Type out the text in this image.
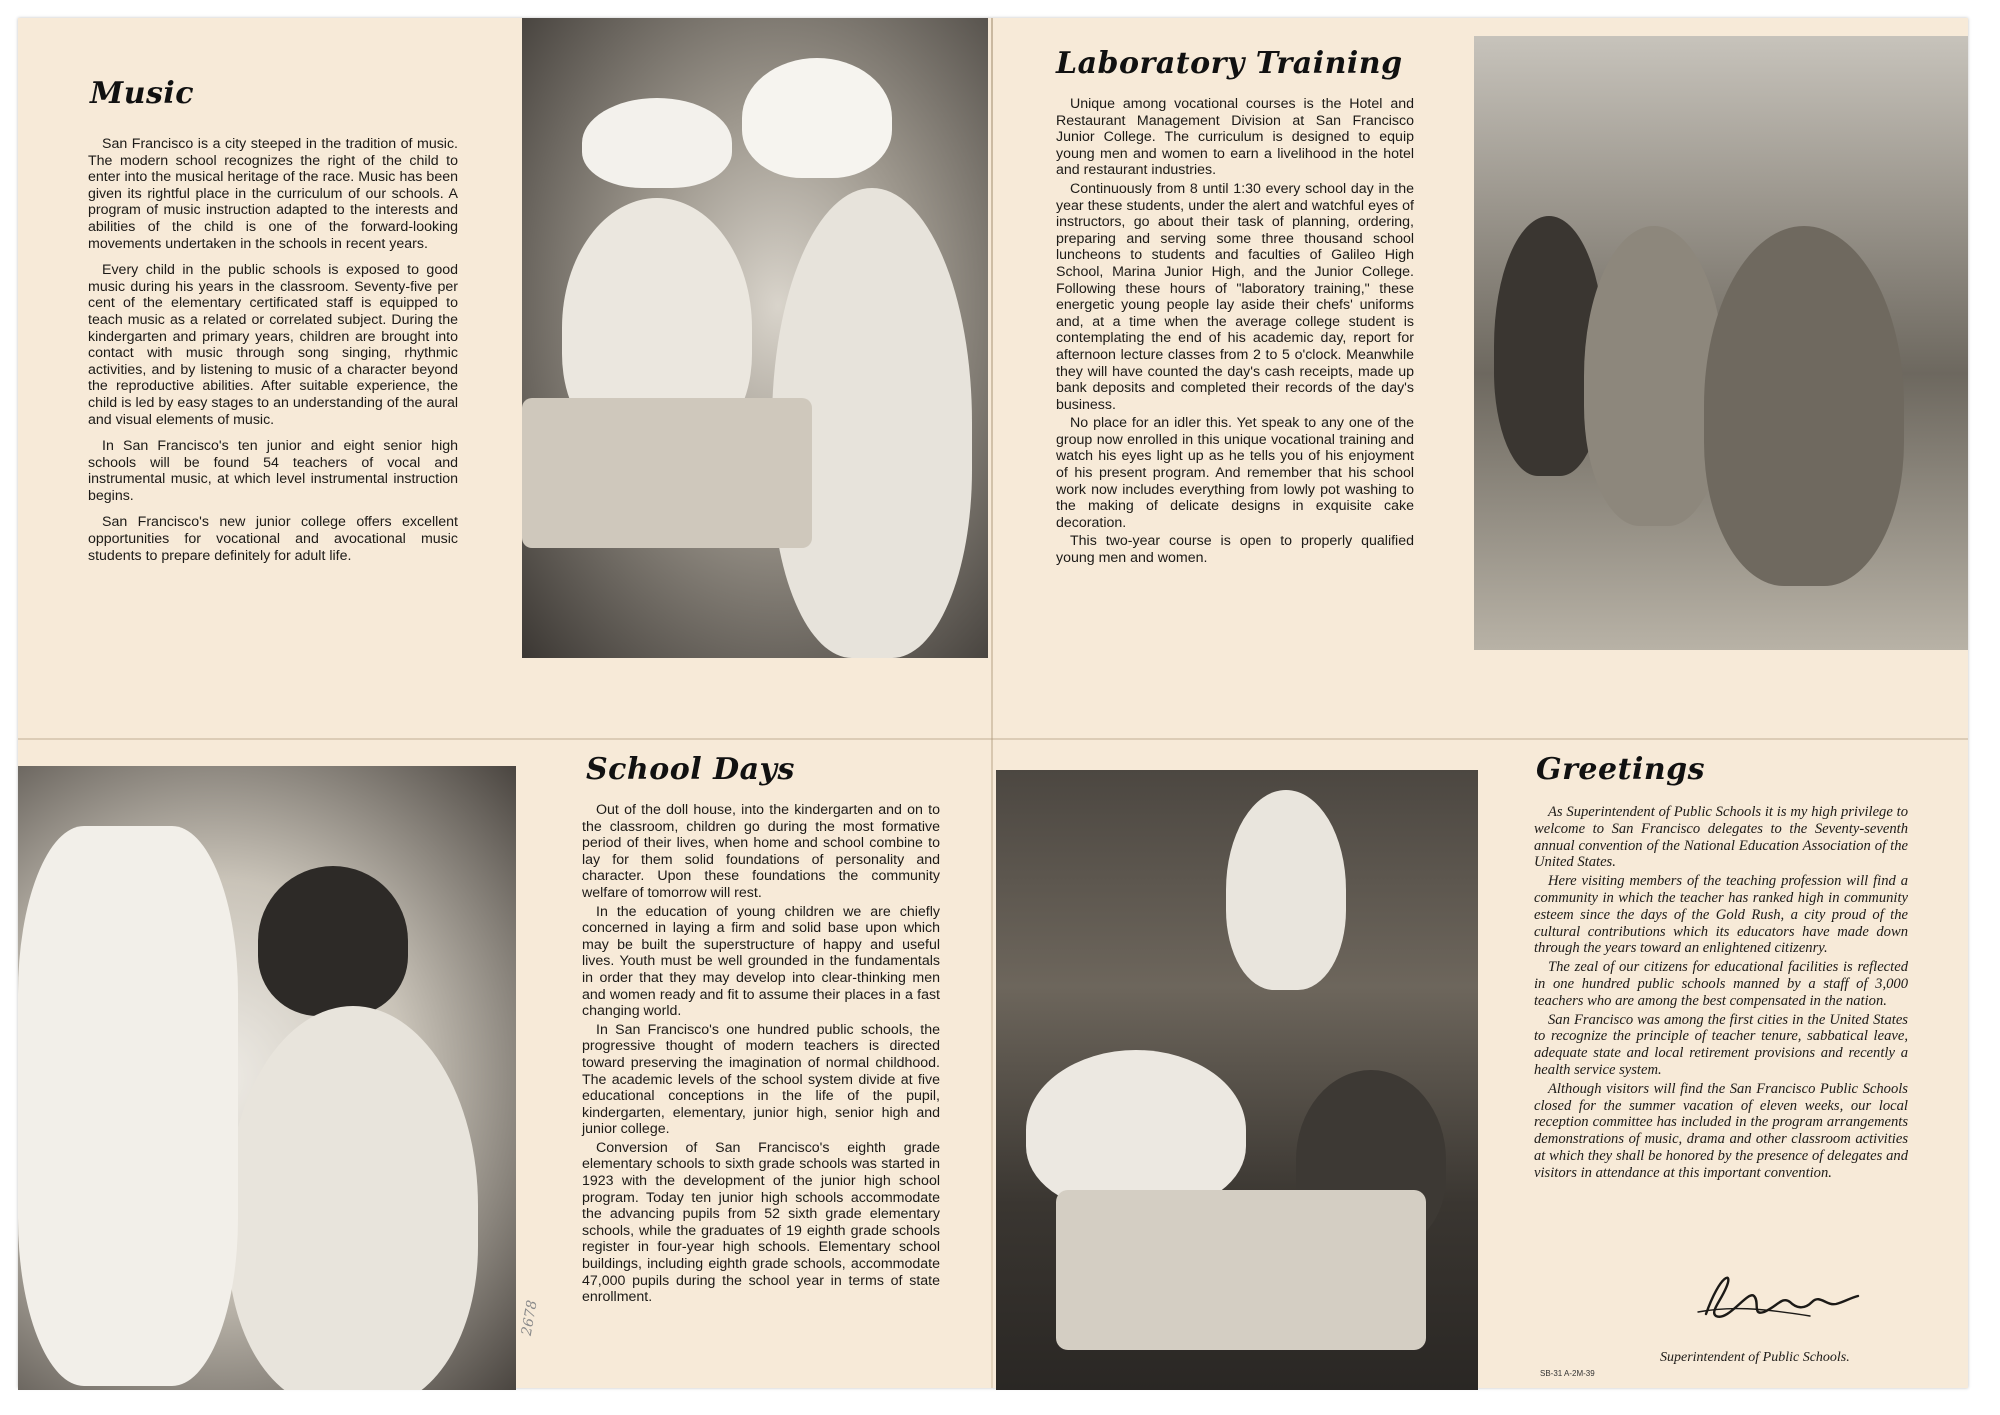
Music

San Francisco is a city steeped in the tradition of music. The modern school recognizes the right of the child to enter into the musical heritage of the race. Music has been given its rightful place in the curriculum of our schools. A program of music instruction adapted to the interests and abilities of the child is one of the forward-looking movements undertaken in the schools in recent years.

Every child in the public schools is exposed to good music during his years in the classroom. Seventy-five per cent of the elementary certificated staff is equipped to teach music as a related or correlated subject. During the kindergarten and primary years, children are brought into contact with music through song singing, rhythmic activities, and by listening to music of a character beyond the reproductive abilities. After suitable experience, the child is led by easy stages to an understanding of the aural and visual elements of music.

In San Francisco's ten junior and eight senior high schools will be found 54 teachers of vocal and instrumental music, at which level instrumental instruction begins.

San Francisco's new junior college offers excellent opportunities for vocational and avocational music students to prepare definitely for adult life.

Laboratory Training

Unique among vocational courses is the Hotel and Restaurant Management Division at San Francisco Junior College. The curriculum is designed to equip young men and women to earn a livelihood in the hotel and restaurant industries.

Continuously from 8 until 1:30 every school day in the year these students, under the alert and watchful eyes of instructors, go about their task of planning, ordering, preparing and serving some three thousand school luncheons to students and faculties of Galileo High School, Marina Junior High, and the Junior College. Following these hours of "laboratory training," these energetic young people lay aside their chefs' uniforms and, at a time when the average college student is contemplating the end of his academic day, report for afternoon lecture classes from 2 to 5 o'clock. Meanwhile they will have counted the day's cash receipts, made up bank deposits and completed their records of the day's business.

No place for an idler this. Yet speak to any one of the group now enrolled in this unique vocational training and watch his eyes light up as he tells you of his enjoyment of his present program. And remember that his school work now includes everything from lowly pot washing to the making of delicate designs in exquisite cake decoration.

This two-year course is open to properly qualified young men and women.

School Days

Out of the doll house, into the kindergarten and on to the classroom, children go during the most formative period of their lives, when home and school combine to lay for them solid foundations of personality and character. Upon these foundations the community welfare of tomorrow will rest.

In the education of young children we are chiefly concerned in laying a firm and solid base upon which may be built the superstructure of happy and useful lives. Youth must be well grounded in the fundamentals in order that they may develop into clear-thinking men and women ready and fit to assume their places in a fast changing world.

In San Francisco's one hundred public schools, the progressive thought of modern teachers is directed toward preserving the imagination of normal childhood. The academic levels of the school system divide at five educational conceptions in the life of the pupil, kindergarten, elementary, junior high, senior high and junior college.

Conversion of San Francisco's eighth grade elementary schools to sixth grade schools was started in 1923 with the development of the junior high school program. Today ten junior high schools accommodate the advancing pupils from 52 sixth grade elementary schools, while the graduates of 19 eighth grade schools register in four-year high schools. Elementary school buildings, including eighth grade schools, accommodate 47,000 pupils during the school year in terms of state enrollment.

2678
Greetings

As Superintendent of Public Schools it is my high privilege to welcome to San Francisco delegates to the Seventy-seventh annual convention of the National Education Association of the United States.

Here visiting members of the teaching profession will find a community in which the teacher has ranked high in community esteem since the days of the Gold Rush, a city proud of the cultural contributions which its educators have made down through the years toward an enlightened citizenry.

The zeal of our citizens for educational facilities is reflected in one hundred public schools manned by a staff of 3,000 teachers who are among the best compensated in the nation.

San Francisco was among the first cities in the United States to recognize the principle of teacher tenure, sabbatical leave, adequate state and local retirement provisions and recently a health service system.

Although visitors will find the San Francisco Public Schools closed for the summer vacation of eleven weeks, our local reception committee has included in the program arrangements demonstrations of music, drama and other classroom activities at which they shall be honored by the presence of delegates and visitors in attendance at this important convention.

SB-31 A-2M-39
Superintendent of Public Schools.
